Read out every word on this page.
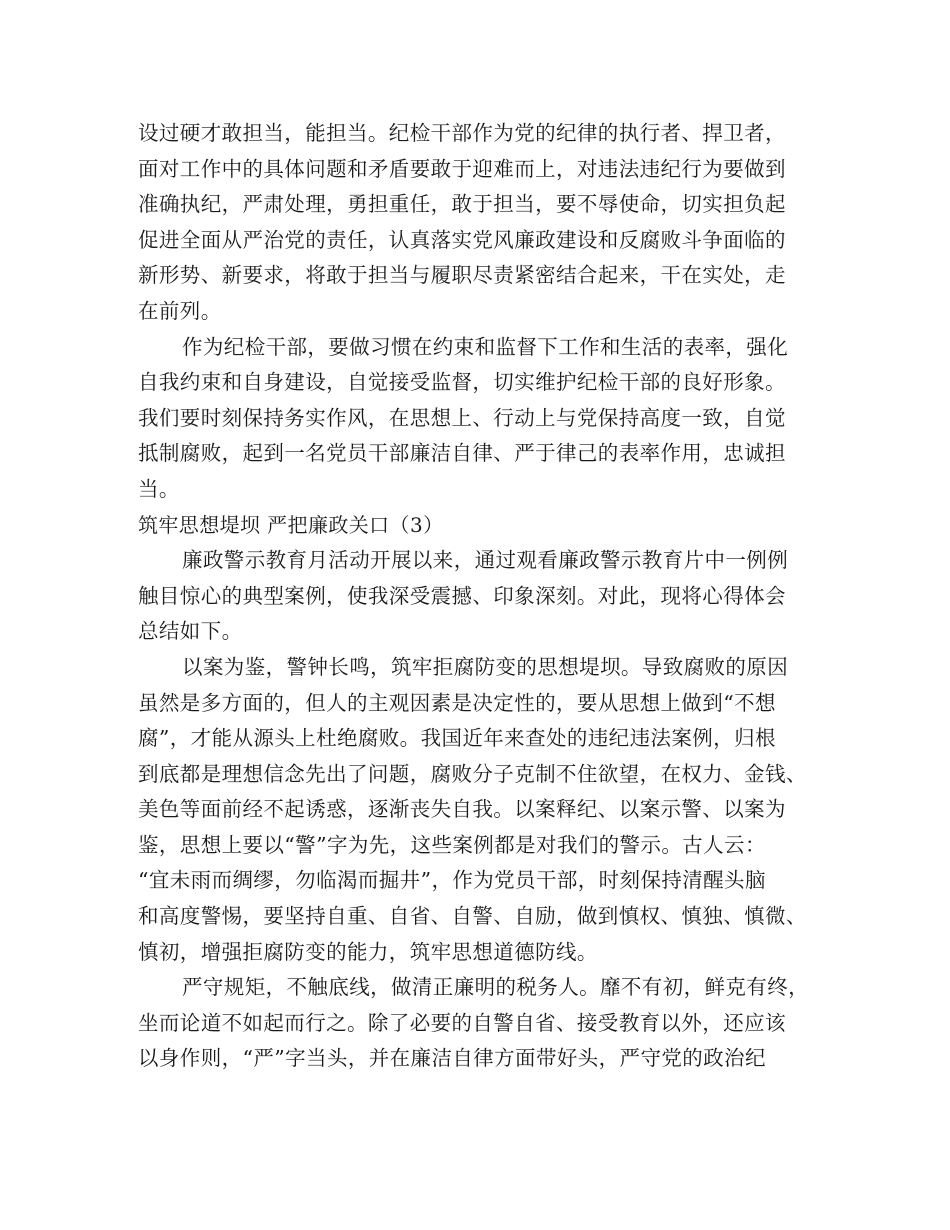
设过硬才敢担当，能担当。纪检干部作为党的纪律的执行者、捍卫者，
面对工作中的具体问题和矛盾要敢于迎难而上，对违法违纪行为要做到
准确执纪，严肃处理，勇担重任，敢于担当，要不辱使命，切实担负起
促进全面从严治党的责任，认真落实党风廉政建设和反腐败斗争面临的
新形势、新要求，将敢于担当与履职尽责紧密结合起来，干在实处，走
在前列。
作为纪检干部，要做习惯在约束和监督下工作和生活的表率，强化
自我约束和自身建设，自觉接受监督，切实维护纪检干部的良好形象。
我们要时刻保持务实作风，在思想上、行动上与党保持高度一致，自觉
抵制腐败，起到一名党员干部廉洁自律、严于律己的表率作用，忠诚担
当。
筑牢思想堤坝 严把廉政关口（3）
廉政警示教育月活动开展以来，通过观看廉政警示教育片中一例例
触目惊心的典型案例，使我深受震撼、印象深刻。对此，现将心得体会
总结如下。
以案为鉴，警钟长鸣，筑牢拒腐防变的思想堤坝。导致腐败的原因
虽然是多方面的，但人的主观因素是决定性的，要从思想上做到“不想
腐”，才能从源头上杜绝腐败。我国近年来查处的违纪违法案例，归根
到底都是理想信念先出了问题，腐败分子克制不住欲望，在权力、金钱、
美色等面前经不起诱惑，逐渐丧失自我。以案释纪、以案示警、以案为
鉴，思想上要以“警”字为先，这些案例都是对我们的警示。古人云：
“宜未雨而绸缪，勿临渴而掘井”，作为党员干部，时刻保持清醒头脑
和高度警惕，要坚持自重、自省、自警、自励，做到慎权、慎独、慎微、
慎初，增强拒腐防变的能力，筑牢思想道德防线。
严守规矩，不触底线，做清正廉明的税务人。靡不有初，鲜克有终，
坐而论道不如起而行之。除了必要的自警自省、接受教育以外，还应该
以身作则，“严”字当头，并在廉洁自律方面带好头，严守党的政治纪
